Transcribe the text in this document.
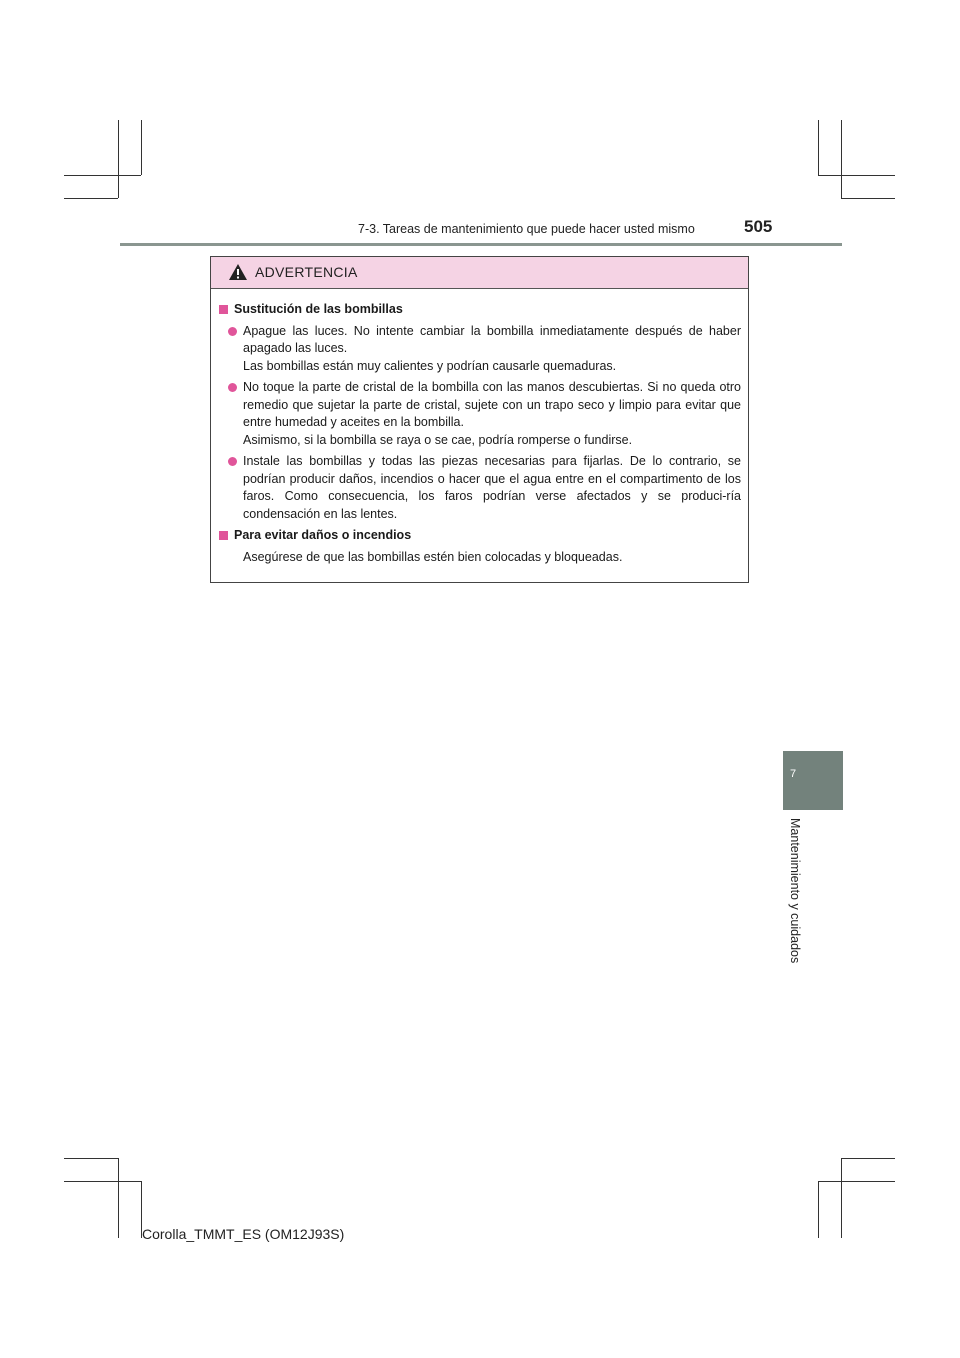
7-3. Tareas de mantenimiento que puede hacer usted mismo	505
ADVERTENCIA
Sustitución de las bombillas

Apague las luces. No intente cambiar la bombilla inmediatamente después de haber apagado las luces.

Las bombillas están muy calientes y podrían causarle quemaduras.

No toque la parte de cristal de la bombilla con las manos descubiertas. Si no queda otro remedio que sujetar la parte de cristal, sujete con un trapo seco y limpio para evitar que entre humedad y aceites en la bombilla.

Asimismo, si la bombilla se raya o se cae, podría romperse o fundirse.

Instale las bombillas y todas las piezas necesarias para fijarlas. De lo contrario, se podrían producir daños, incendios o hacer que el agua entre en el compartimento de los faros. Como consecuencia, los faros podrían verse afectados y se produci-ría condensación en las lentes.

Para evitar daños o incendios
Asegúrese de que las bombillas estén bien colocadas y bloqueadas.
7
Mantenimiento y cuidados
Corolla_TMMT_ES (OM12J93S)
